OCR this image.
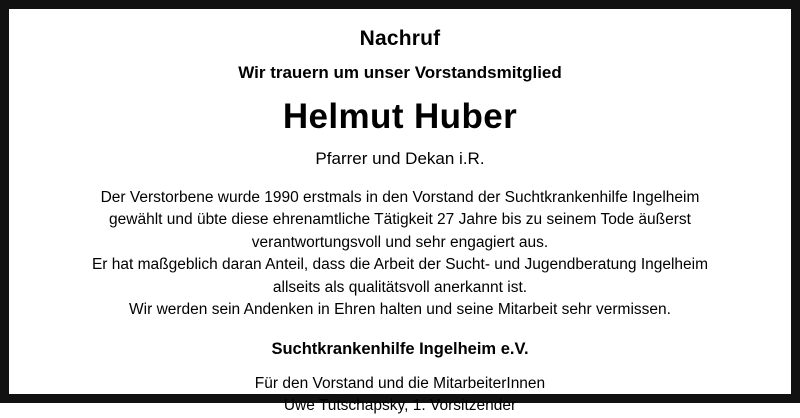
Nachruf
Wir trauern um unser Vorstandsmitglied
Helmut Huber
Pfarrer und Dekan i.R.

Der Verstorbene wurde 1990 erstmals in den Vorstand der Suchtkrankenhilfe Ingelheim

gewählt und übte diese ehrenamtliche Tätigkeit 27 Jahre bis zu seinem Tode äußerst

verantwortungsvoll und sehr engagiert aus.

Er hat maßgeblich daran Anteil, dass die Arbeit der Sucht- und Jugendberatung Ingelheim

allseits als qualitätsvoll anerkannt ist.

Wir werden sein Andenken in Ehren halten und seine Mitarbeit sehr vermissen.

Suchtkrankenhilfe Ingelheim e.V.

Für den Vorstand und die MitarbeiterInnen

Uwe Tutschapsky, 1. Vorsitzender
